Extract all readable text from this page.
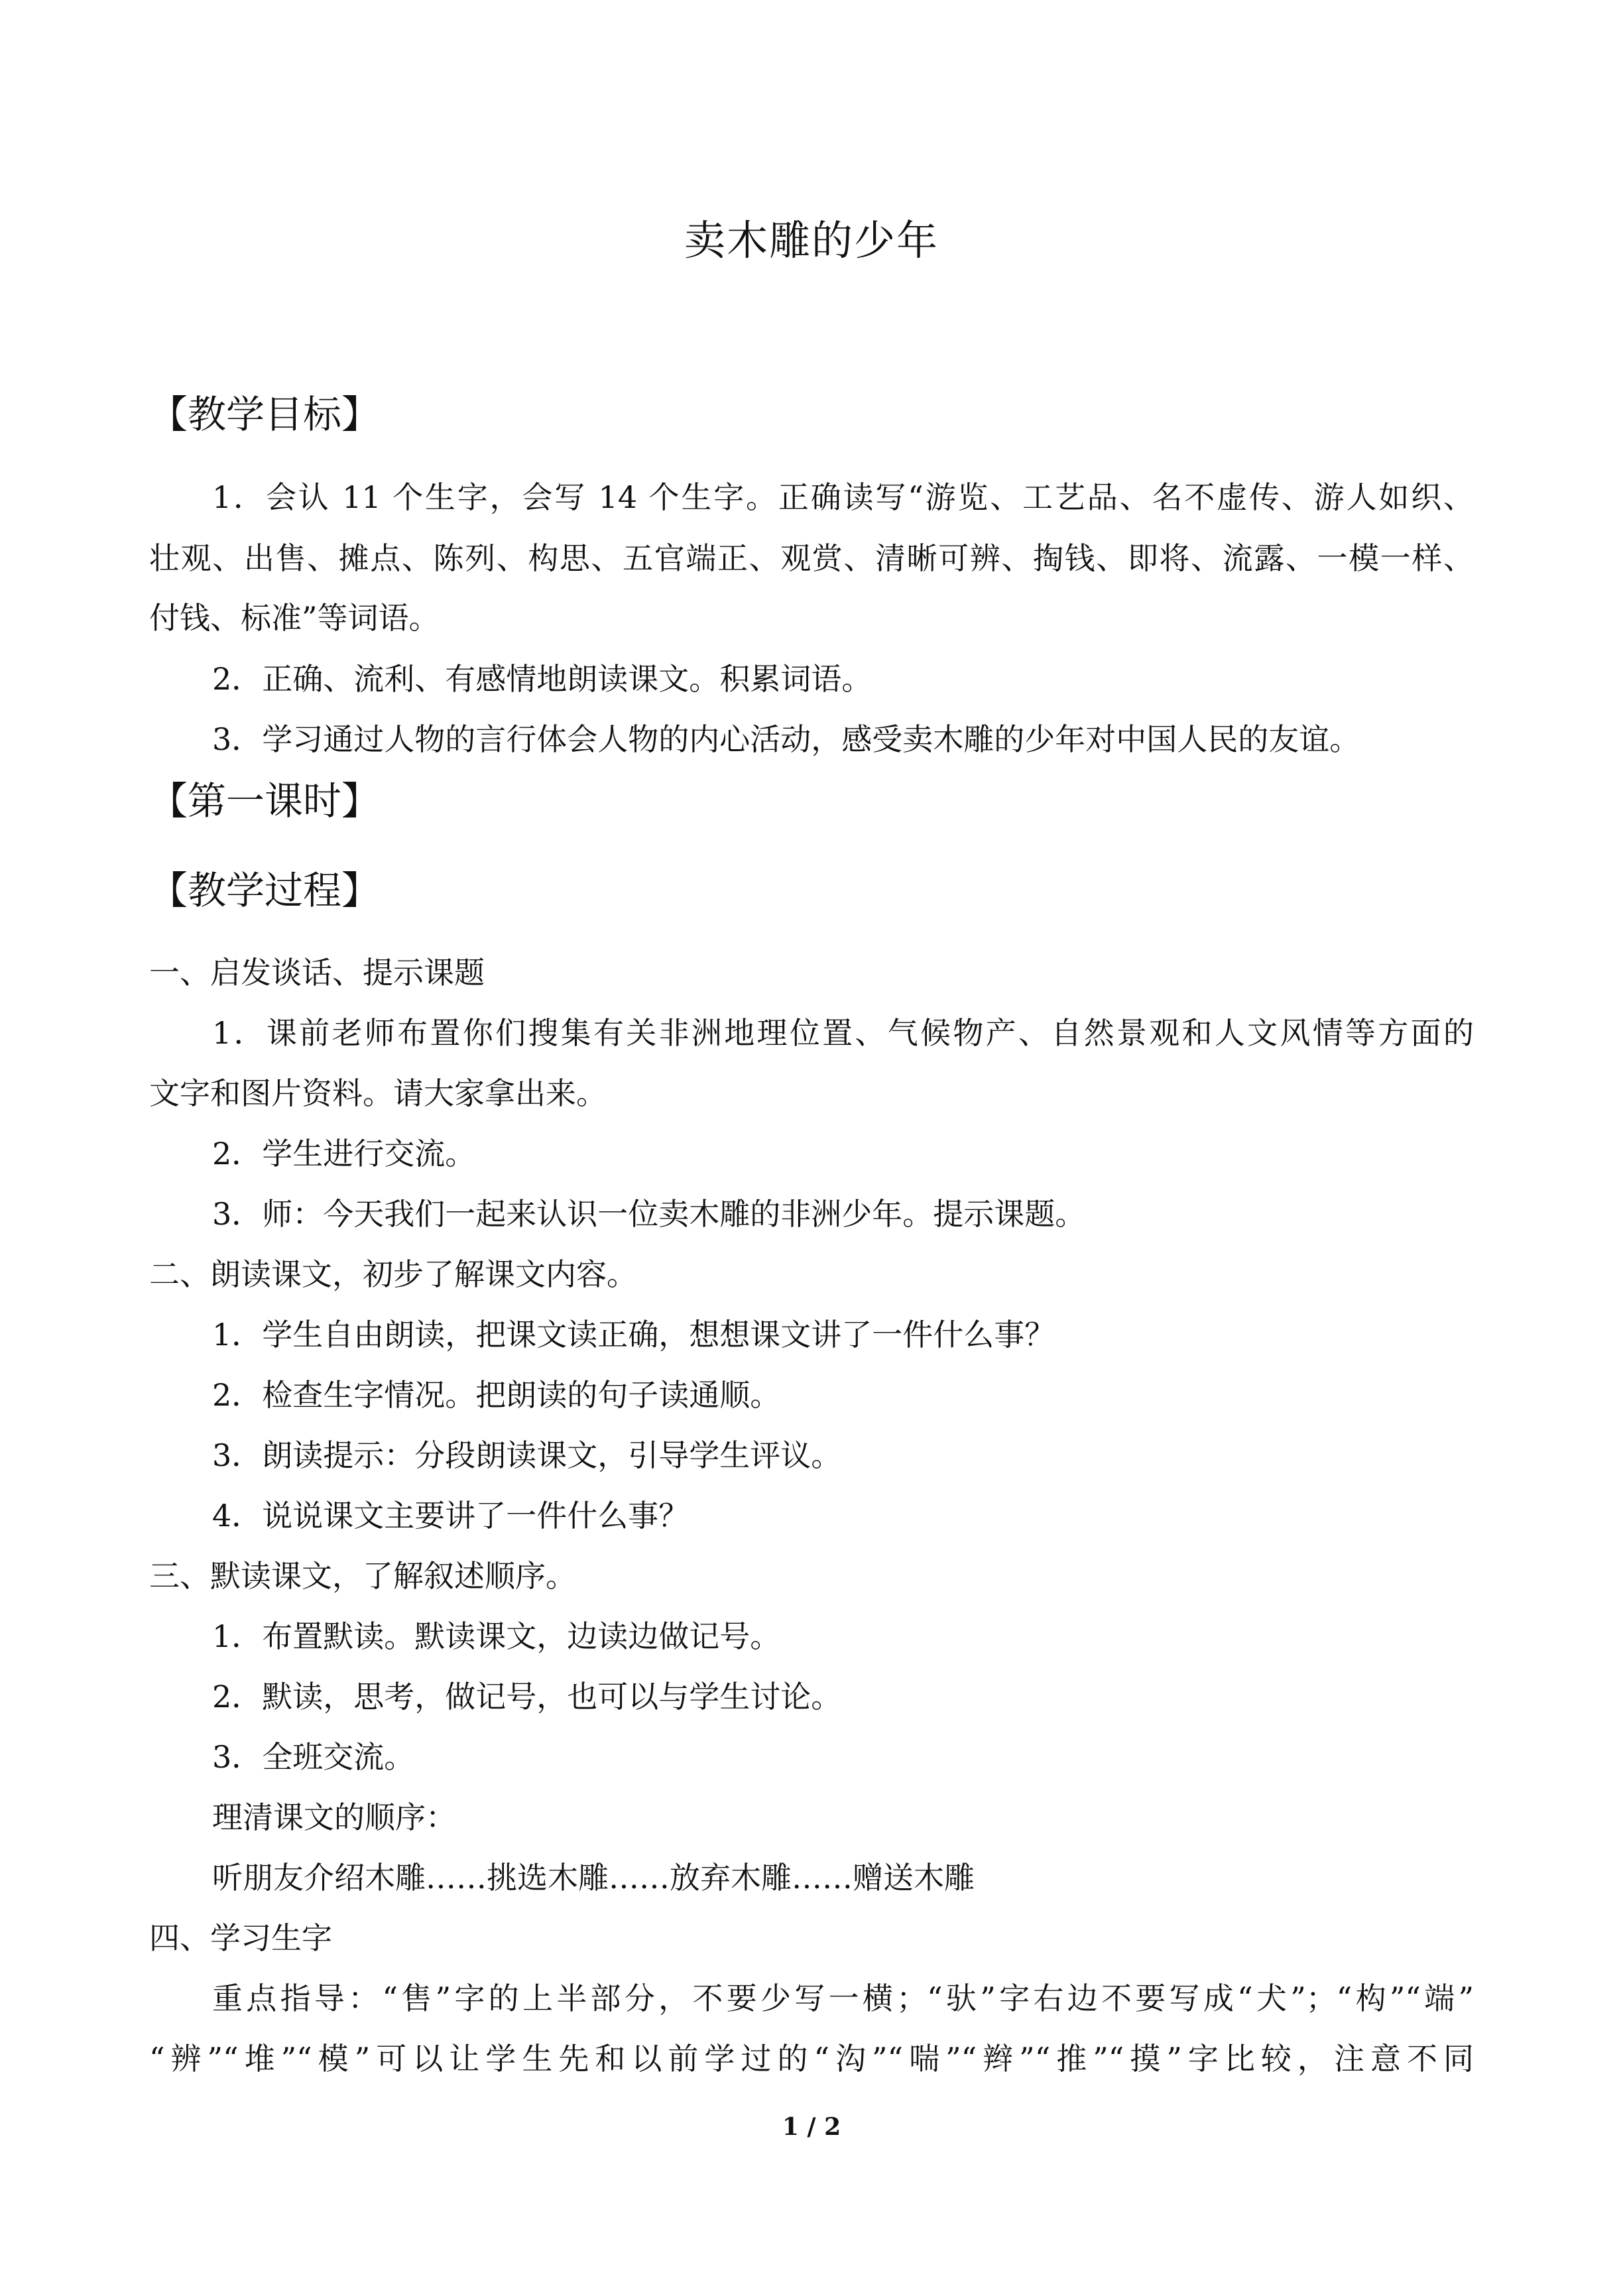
卖木雕的少年
【教学目标】
1．会认 11 个生字，会写 14 个生字。正确读写“游览、工艺品、名不虚传、游人如织、
壮观、出售、摊点、陈列、构思、五官端正、观赏、清晰可辨、掏钱、即将、流露、一模一样、
付钱、标准”等词语。
2．正确、流利、有感情地朗读课文。积累词语。
3．学习通过人物的言行体会人物的内心活动，感受卖木雕的少年对中国人民的友谊。
【第一课时】
【教学过程】
一、启发谈话、提示课题
1．课前老师布置你们搜集有关非洲地理位置、气候物产、自然景观和人文风情等方面的
文字和图片资料。请大家拿出来。
2．学生进行交流。
3．师：今天我们一起来认识一位卖木雕的非洲少年。提示课题。
二、朗读课文，初步了解课文内容。
1．学生自由朗读，把课文读正确，想想课文讲了一件什么事？
2．检查生字情况。把朗读的句子读通顺。
3．朗读提示：分段朗读课文，引导学生评议。
4．说说课文主要讲了一件什么事？
三、默读课文，了解叙述顺序。
1．布置默读。默读课文，边读边做记号。
2．默读，思考，做记号，也可以与学生讨论。
3．全班交流。
理清课文的顺序：
听朋友介绍木雕……挑选木雕……放弃木雕……赠送木雕
四、学习生字
重点指导：“售”字的上半部分，不要少写一横；“驮”字右边不要写成“犬”；“构”“端”
“辨”“堆”“模”可以让学生先和以前学过的“沟”“喘”“辫”“推”“摸”字比较，注意不同
1 / 2
